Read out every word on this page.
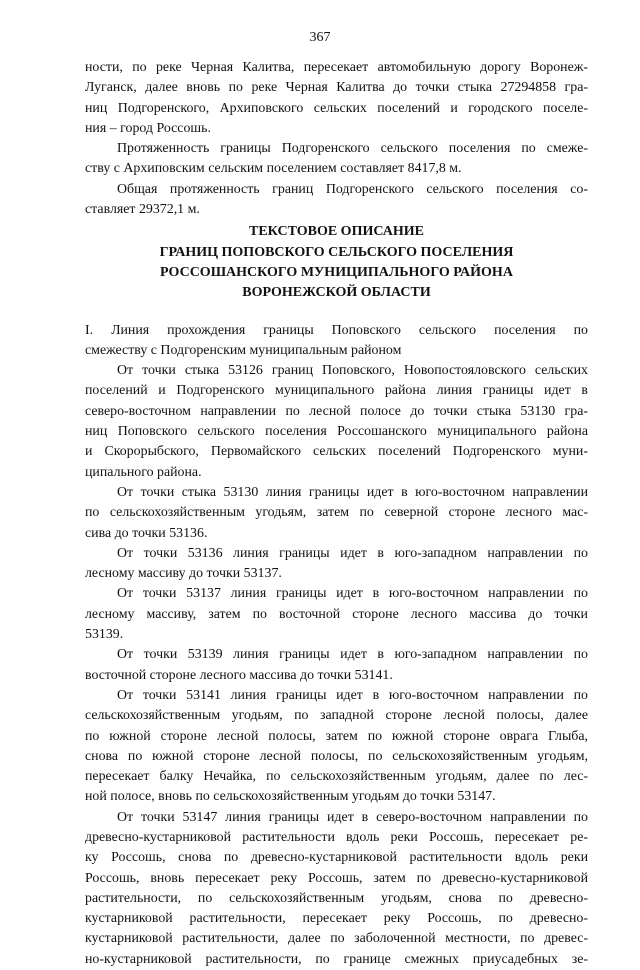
367
ности, по реке Черная Калитва, пересекает автомобильную дорогу Воронеж-
Луганск, далее вновь по реке Черная Калитва до точки стыка 27294858 гра-
ниц Подгоренского, Архиповского сельских поселений и городского поселе-
ния – город Россошь.
Протяженность границы Подгоренского сельского поселения по смеже-
ству с Архиповским сельским поселением составляет 8417,8 м.
Общая протяженность границ Подгоренского сельского поселения со-
ставляет 29372,1 м.
ТЕКСТОВОЕ ОПИСАНИЕ
ГРАНИЦ ПОПОВСКОГО СЕЛЬСКОГО ПОСЕЛЕНИЯ
РОССОШАНСКОГО МУНИЦИПАЛЬНОГО РАЙОНА
ВОРОНЕЖСКОЙ ОБЛАСТИ
I. Линия прохождения границы Поповского сельского поселения по
смежеству с Подгоренским муниципальным районом
От точки стыка 53126 границ Поповского, Новопостояловского сельских
поселений и Подгоренского муниципального района линия границы идет в
северо-восточном направлении по лесной полосе до точки стыка 53130 гра-
ниц Поповского сельского поселения Россошанского муниципального района
и Скорорыбского, Первомайского сельских поселений Подгоренского муни-
ципального района.
От точки стыка 53130 линия границы идет в юго-восточном направлении
по сельскохозяйственным угодьям, затем по северной стороне лесного мас-
сива до точки 53136.
От точки 53136 линия границы идет в юго-западном направлении по
лесному массиву до точки 53137.
От точки 53137 линия границы идет в юго-восточном направлении по
лесному массиву, затем по восточной стороне лесного массива до точки
53139.
От точки 53139 линия границы идет в юго-западном направлении по
восточной стороне лесного массива до точки 53141.
От точки 53141 линия границы идет в юго-восточном направлении по
сельскохозяйственным угодьям, по западной стороне лесной полосы, далее
по южной стороне лесной полосы, затем по южной стороне оврага Глыба,
снова по южной стороне лесной полосы, по сельскохозяйственным угодьям,
пересекает балку Нечайка, по сельскохозяйственным угодьям, далее по лес-
ной полосе, вновь по сельскохозяйственным угодьям до точки 53147.
От точки 53147 линия границы идет в северо-восточном направлении по
древесно-кустарниковой растительности вдоль реки Россошь, пересекает ре-
ку Россошь, снова по древесно-кустарниковой растительности вдоль реки
Россошь, вновь пересекает реку Россошь, затем по древесно-кустарниковой
растительности, по сельскохозяйственным угодьям, снова по древесно-
кустарниковой растительности, пересекает реку Россошь, по древесно-
кустарниковой растительности, далее по заболоченной местности, по древес-
но-кустарниковой растительности, по границе смежных приусадебных зе-
